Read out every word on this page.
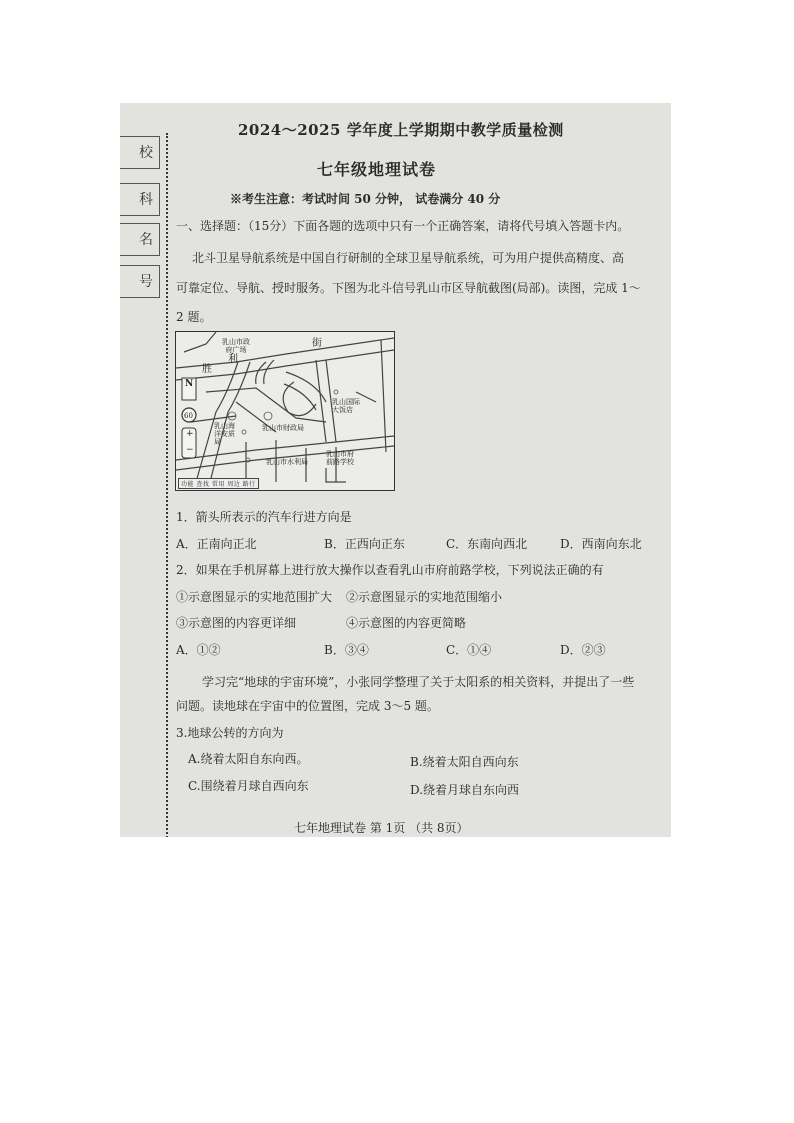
校
科
名
号
2024～2025 学年度上学期期中教学质量检测
七年级地理试卷
※考生注意：考试时间 50 分钟， 试卷满分 40 分
一、选择题：（15分）下面各题的选项中只有一个正确答案，请将代号填入答题卡内。
北斗卫星导航系统是中国自行研制的全球卫星导航系统，可为用户提供高精度、高
可靠定位、导航、授时服务。下图为北斗信号乳山市区导航截图(局部)。读图，完成 1～
2 题。
乳山市政府广场
街
利
胜
N
60
+
−
乳山国际大饭店
乳山海洋安质局
乳山市财政局
乳山市水利局
乳山市府前路学校
功能 查找 常用 周边 路行
1．箭头所表示的汽车行进方向是
A．正南向正北	B．正西向正东	C．东南向西北	D．西南向东北
2．如果在手机屏幕上进行放大操作以查看乳山市府前路学校，下列说法正确的有
①示意图显示的实地范围扩大 ②示意图显示的实地范围缩小
③示意图的内容更详细	④示意图的内容更简略
A．①②	B．③④	C．①④	D．②③
学习完“地球的宇宙环境”，小张同学整理了关于太阳系的相关资料，并提出了一些
问题。读地球在宇宙中的位置图，完成 3～5 题。
3.地球公转的方向为
A.绕着太阳自东向西。	B.绕着太阳自西向东
C.围绕着月球自西向东	D.绕着月球自东向西
七年地理试卷 第 1页 （共 8页）
